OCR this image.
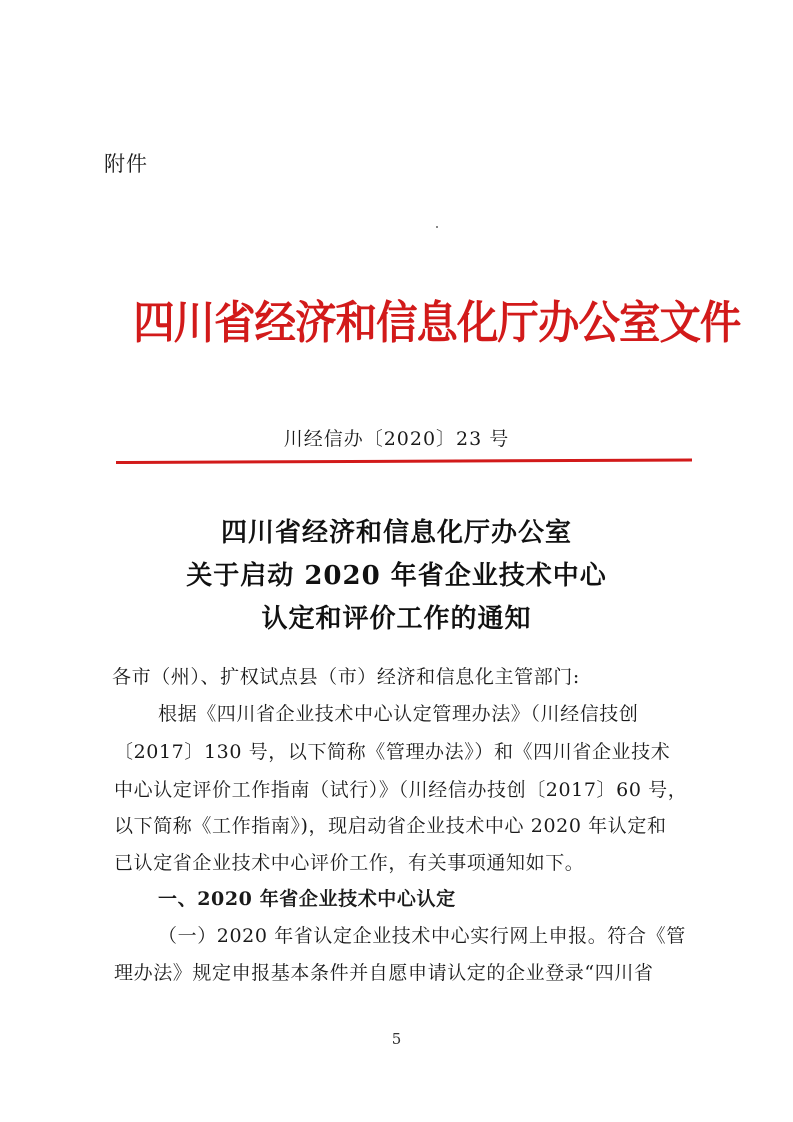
附件
四川省经济和信息化厅办公室文件
川经信办〔2020〕23 号
四川省经济和信息化厅办公室
关于启动 2020 年省企业技术中心
认定和评价工作的通知
各市（州）、扩权试点县（市）经济和信息化主管部门:
根据《四川省企业技术中心认定管理办法》（川经信技创
〔2017〕130 号，以下简称《管理办法》）和《四川省企业技术
中心认定评价工作指南（试行）》（川经信办技创〔2017〕60 号，
以下简称《工作指南》)，现启动省企业技术中心 2020 年认定和
已认定省企业技术中心评价工作，有关事项通知如下。
一、2020 年省企业技术中心认定
（一）2020 年省认定企业技术中心实行网上申报。符合《管
理办法》规定申报基本条件并自愿申请认定的企业登录“四川省
5
